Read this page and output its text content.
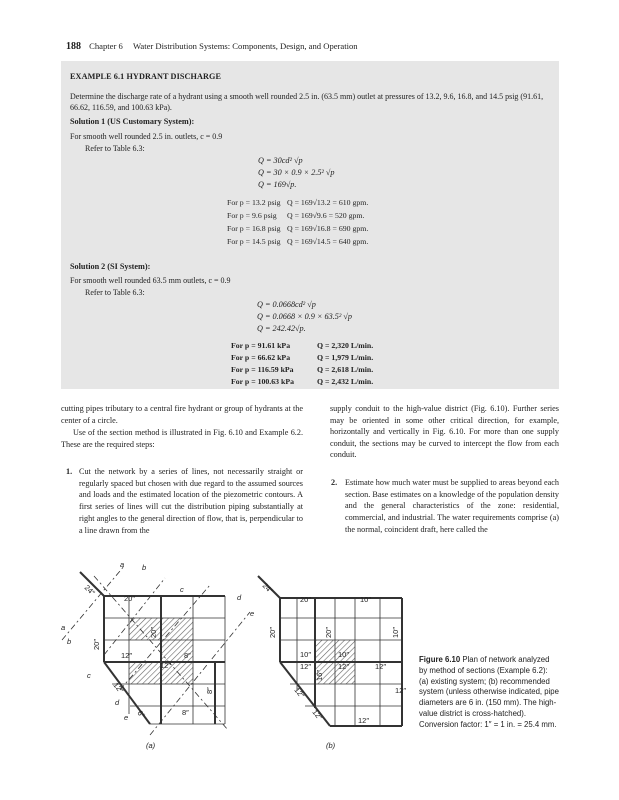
188 Chapter 6 Water Distribution Systems: Components, Design, and Operation
EXAMPLE 6.1 HYDRANT DISCHARGE
Determine the discharge rate of a hydrant using a smooth well rounded 2.5 in. (63.5 mm) outlet at pressures of 13.2, 9.6, 16.8, and 14.5 psig (91.61, 66.62, 116.59, and 100.63 kPa).
Solution 1 (US Customary System):
For smooth well rounded 2.5 in. outlets, c = 0.9
Refer to Table 6.3:
Q = 30cd² √p
Q = 30 × 0.9 × 2.5² √p
Q = 169√p.
For p = 13.2 psig Q = 169√13.2 = 610 gpm.
For p = 9.6 psig Q = 169√9.6 = 520 gpm.
For p = 16.8 psig Q = 169√16.8 = 690 gpm.
For p = 14.5 psig Q = 169√14.5 = 640 gpm.
Solution 2 (SI System):
For smooth well rounded 63.5 mm outlets, c = 0.9
Refer to Table 6.3:
Q = 0.0668cd² √p
Q = 0.0668 × 0.9 × 63.5² √p
Q = 242.42√p.
For p = 91.61 kPa	Q = 2,320 L/min.
For p = 66.62 kPa	Q = 1,979 L/min.
For p = 116.59 kPa	Q = 2,618 L/min.
For p = 100.63 kPa	Q = 2,432 L/min.
cutting pipes tributary to a central fire hydrant or group of hydrants at the center of a circle.
Use of the section method is illustrated in Fig. 6.10 and Example 6.2. These are the required steps:
1. Cut the network by a series of lines, not necessarily straight or regularly spaced but chosen with due regard to the assumed sources and loads and the estimated location of the piezometric contours. A first series of lines will cut the distribution piping substantially at right angles to the general direction of flow, that is, perpendicular to a line drawn from the
supply conduit to the high-value district (Fig. 6.10). Further series may be oriented in some other critical direction, for example, horizontally and vertically in Fig. 6.10. For more than one supply conduit, the sections may be curved to intercept the flow from each conduit.
2. Estimate how much water must be supplied to areas beyond each section. Base estimates on a knowledge of the population density and the general characteristics of the zone: residential, commercial, and industrial. The water requirements comprise (a) the normal, coincident draft, here called the
24″
20″
20″
20″
12″	8″
12″
8″
12″
6″	8″
a b
c
d
e
a
b
c
d
e
(a)
24″
20″	10″
20″	20″	10″
10″	10″
12″	12″	12″
16″
12″
12″
12″	12″
(b)
Figure 6.10 Plan of network analyzed by method of sections (Example 6.2): (a) existing system; (b) recommended system (unless otherwise indicated, pipe diameters are 6 in. (150 mm). The high-value district is cross-hatched). Conversion factor: 1″ = 1 in. = 25.4 mm.
